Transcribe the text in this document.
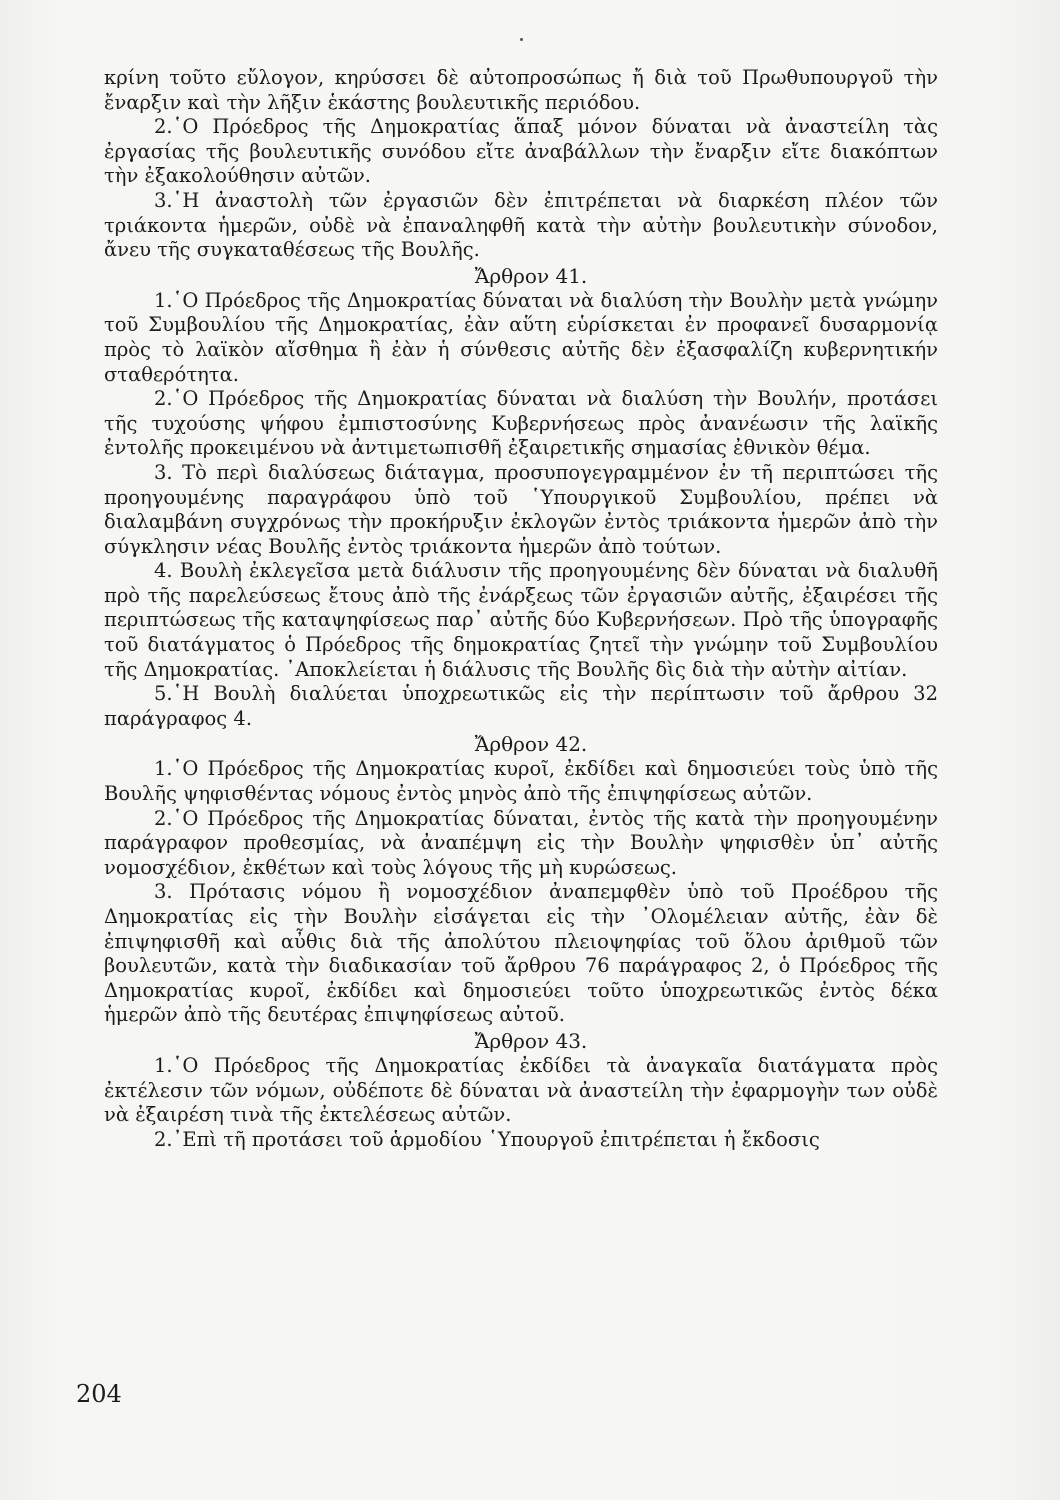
κρίνη τοῦτο εὔλογον, κηρύσσει δὲ αὐτοπροσώπως ἤ διὰ τοῦ Πρωθυπουργοῦ τὴν ἔναρξιν καὶ τὴν λῆξιν ἑκάστης βουλευτικῆς περιόδου.

2.῾Ο Πρόεδρος τῆς Δημοκρατίας ἅπαξ μόνον δύναται νὰ ἀναστείλη τὰς ἐργασίας τῆς βουλευτικῆς συνόδου εἴτε ἀναβάλλων τὴν ἔναρξιν εἴτε διακόπτων τὴν ἐξακολούθησιν αὐτῶν.

3.῾Η ἀναστολὴ τῶν ἐργασιῶν δὲν ἐπιτρέπεται νὰ διαρκέση πλέον τῶν τριάκοντα ἡμερῶν, οὐδὲ νὰ ἐπαναληφθῆ κατὰ τὴν αὐτὴν βουλευτικὴν σύνοδον, ἄνευ τῆς συγκαταθέσεως τῆς Βουλῆς.

Ἄρθρον 41.

1.῾Ο Πρόεδρος τῆς Δημοκρατίας δύναται νὰ διαλύση τὴν Βουλὴν μετὰ γνώμην τοῦ Συμβουλίου τῆς Δημοκρατίας, ἐὰν αὕτη εὑρίσκεται ἐν προφανεῖ δυσαρμονίᾳ πρὸς τὸ λαϊκὸν αἴσθημα ἢ ἐὰν ἡ σύνθεσις αὐτῆς δὲν ἐξασφαλίζη κυβερνητικήν σταθερότητα.

2.῾Ο Πρόεδρος τῆς Δημοκρατίας δύναται νὰ διαλύση τὴν Βουλήν, προτάσει τῆς τυχούσης ψήφου ἐμπιστοσύνης Κυβερνήσεως πρὸς ἀνανέωσιν τῆς λαϊκῆς ἐντολῆς προκειμένου νὰ ἀντιμετωπισθῆ ἐξαιρετικῆς σημασίας ἐθνικὸν θέμα.

3. Τὸ περὶ διαλύσεως διάταγμα, προσυπογεγραμμένον ἐν τῆ περιπτώσει τῆς προηγουμένης παραγράφου ὑπὸ τοῦ ῾Υπουργικοῦ Συμβουλίου, πρέπει νὰ διαλαμβάνη συγχρόνως τὴν προκήρυξιν ἐκλογῶν ἐντὸς τριάκοντα ἡμερῶν ἀπὸ τὴν σύγκλησιν νέας Βουλῆς ἐντὸς τριάκοντα ἡμερῶν ἀπὸ τούτων.

4. Βουλὴ ἐκλεγεῖσα μετὰ διάλυσιν τῆς προηγουμένης δὲν δύναται νὰ διαλυθῆ πρὸ τῆς παρελεύσεως ἔτους ἀπὸ τῆς ἐνάρξεως τῶν ἐργασιῶν αὐτῆς, ἐξαιρέσει τῆς περιπτώσεως τῆς καταψηφίσεως παρ᾽ αὐτῆς δύο Κυβερνήσεων. Πρὸ τῆς ὑπογραφῆς τοῦ διατάγματος ὁ Πρόεδρος τῆς δημοκρατίας ζητεῖ τὴν γνώμην τοῦ Συμβουλίου τῆς Δημοκρατίας. ᾽Αποκλείεται ἡ διάλυσις τῆς Βουλῆς δὶς διὰ τὴν αὐτὴν αἰτίαν.

5.῾Η Βουλὴ διαλύεται ὑποχρεωτικῶς εἰς τὴν περίπτωσιν τοῦ ἄρθρου 32 παράγραφος 4.

Ἄρθρον 42.

1.῾Ο Πρόεδρος τῆς Δημοκρατίας κυροῖ, ἐκδίδει καὶ δημοσιεύει τοὺς ὑπὸ τῆς Βουλῆς ψηφισθέντας νόμους ἐντὸς μηνὸς ἀπὸ τῆς ἐπιψηφίσεως αὐτῶν.

2.῾Ο Πρόεδρος τῆς Δημοκρατίας δύναται, ἐντὸς τῆς κατὰ τὴν προηγουμένην παράγραφον προθεσμίας, νὰ ἀναπέμψη εἰς τὴν Βουλὴν ψηφισθὲν ὑπ᾽ αὐτῆς νομοσχέδιον, ἐκθέτων καὶ τοὺς λόγους τῆς μὴ κυρώσεως.

3. Πρότασις νόμου ἢ νομοσχέδιον ἀναπεμφθὲν ὑπὸ τοῦ Προέδρου τῆς Δημοκρατίας εἰς τὴν Βουλὴν εἰσάγεται εἰς τὴν ᾽Ολομέλειαν αὐτῆς, ἐὰν δὲ ἐπιψηφισθῆ καὶ αὖθις διὰ τῆς ἀπολύτου πλειοψηφίας τοῦ ὅλου ἀριθμοῦ τῶν βουλευτῶν, κατὰ τὴν διαδικασίαν τοῦ ἄρθρου 76 παράγραφος 2, ὁ Πρόεδρος τῆς Δημοκρατίας κυροῖ, ἐκδίδει καὶ δημοσιεύει τοῦτο ὑποχρεωτικῶς ἐντὸς δέκα ἡμερῶν ἀπὸ τῆς δευτέρας ἐπιψηφίσεως αὐτοῦ.

Ἄρθρον 43.

1.῾Ο Πρόεδρος τῆς Δημοκρατίας ἐκδίδει τὰ ἀναγκαῖα διατάγματα πρὸς ἐκτέλεσιν τῶν νόμων, οὐδέποτε δὲ δύναται νὰ ἀναστείλη τὴν ἐφαρμογὴν των οὐδὲ νὰ ἐξαιρέση τινὰ τῆς ἐκτελέσεως αὐτῶν.

2.᾽Επὶ τῆ προτάσει τοῦ ἁρμοδίου ῾Υπουργοῦ ἐπιτρέπεται ἡ ἔκδοσις

204
